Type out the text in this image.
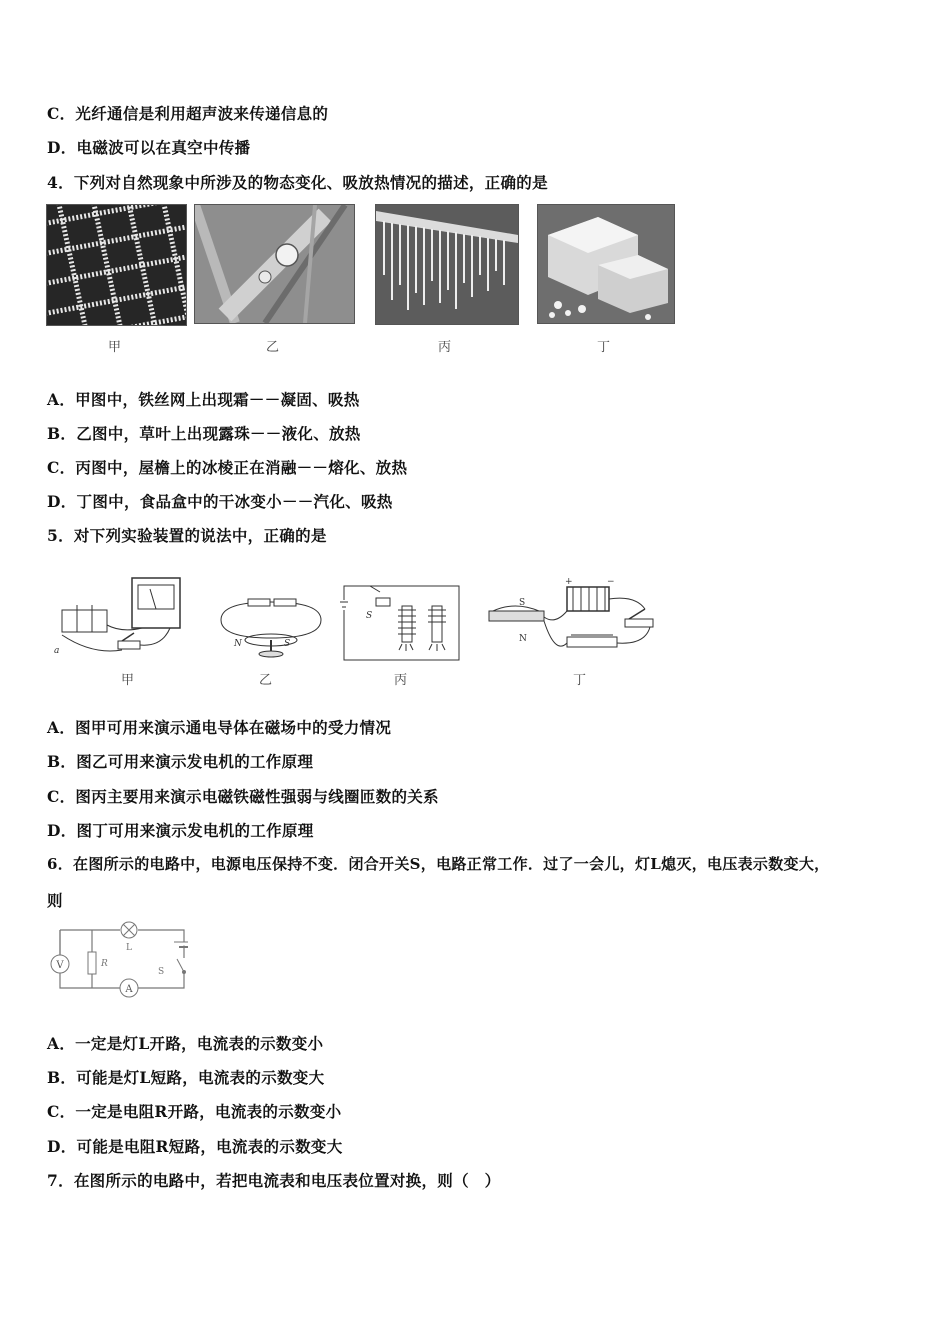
C．光纤通信是利用超声波来传递信息的
D．电磁波可以在真空中传播
4．下列对自然现象中所涉及的物态变化、吸放热情况的描述，正确的是
甲	乙	丙	丁
A．甲图中，铁丝网上出现霜－－凝固、吸热
B．乙图中，草叶上出现露珠－－液化、放热
C．丙图中，屋檐上的冰棱正在消融－－熔化、放热
D．丁图中，食品盒中的干冰变小－－汽化、吸热
5．对下列实验装置的说法中，正确的是
a
甲
N	S
乙
S
丙
+	−
S
N
丁
A．图甲可用来演示通电导体在磁场中的受力情况
B．图乙可用来演示发电机的工作原理
C．图丙主要用来演示电磁铁磁性强弱与线圈匝数的关系
D．图丁可用来演示发电机的工作原理
6．在图所示的电路中，电源电压保持不变．闭合开关S，电路正常工作．过了一会儿，灯L熄灭，电压表示数变大，
则
V	R
L
A
S
A．一定是灯L开路，电流表的示数变小
B．可能是灯L短路，电流表的示数变大
C．一定是电阻R开路，电流表的示数变小
D．可能是电阻R短路，电流表的示数变大
7．在图所示的电路中，若把电流表和电压表位置对换，则（　）
